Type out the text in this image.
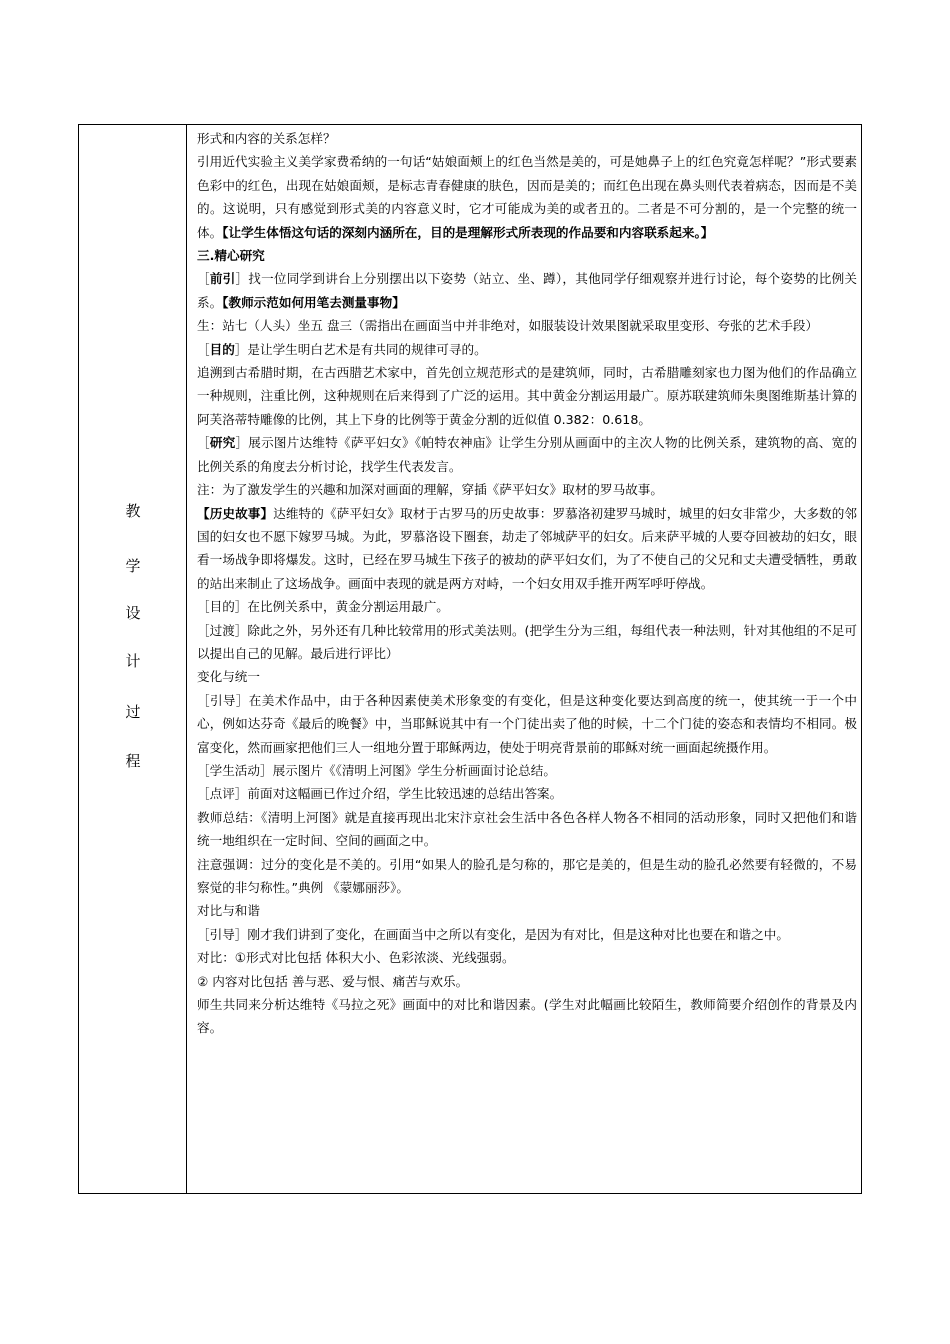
教
学
设
计
过
程

形式和内容的关系怎样？

引用近代实验主义美学家费希纳的一句话“姑娘面颊上的红色当然是美的，可是她鼻子上的红色究竟怎样呢？”形式要素色彩中的红色，出现在姑娘面颊，是标志青春健康的肤色，因而是美的；而红色出现在鼻头则代表着病态，因而是不美的。这说明，只有感觉到形式美的内容意义时，它才可能成为美的或者丑的。二者是不可分割的，是一个完整的统一体。【让学生体悟这句话的深刻内涵所在，目的是理解形式所表现的作品要和内容联系起来。】

三.精心研究

［前引］找一位同学到讲台上分别摆出以下姿势（站立、坐、蹲），其他同学仔细观察并进行讨论，每个姿势的比例关系。【教师示范如何用笔去测量事物】

生：站七（人头）坐五 盘三（需指出在画面当中并非绝对，如服装设计效果图就采取里变形、夸张的艺术手段）

［目的］是让学生明白艺术是有共同的规律可寻的。

追溯到古希腊时期，在古西腊艺术家中，首先创立规范形式的是建筑师，同时，古希腊雕刻家也力图为他们的作品确立一种规则，注重比例，这种规则在后来得到了广泛的运用。其中黄金分割运用最广。原苏联建筑师朱奥图维斯基计算的阿芙洛蒂特雕像的比例，其上下身的比例等于黄金分割的近似值 0.382：0.618。

［研究］展示图片达维特《萨平妇女》《帕特农神庙》让学生分别从画面中的主次人物的比例关系，建筑物的高、宽的比例关系的角度去分析讨论，找学生代表发言。

注：为了激发学生的兴趣和加深对画面的理解，穿插《萨平妇女》取材的罗马故事。

【历史故事】达维特的《萨平妇女》取材于古罗马的历史故事：罗慕洛初建罗马城时，城里的妇女非常少，大多数的邻国的妇女也不愿下嫁罗马城。为此，罗慕洛设下圈套，劫走了邻城萨平的妇女。后来萨平城的人要夺回被劫的妇女，眼看一场战争即将爆发。这时，已经在罗马城生下孩子的被劫的萨平妇女们，为了不使自己的父兄和丈夫遭受牺牲，勇敢的站出来制止了这场战争。画面中表现的就是两方对峙，一个妇女用双手推开两军呼吁停战。

［目的］在比例关系中，黄金分割运用最广。

［过渡］除此之外，另外还有几种比较常用的形式美法则。(把学生分为三组，每组代表一种法则，针对其他组的不足可以提出自己的见解。最后进行评比）

变化与统一

［引导］在美术作品中，由于各种因素使美术形象变的有变化，但是这种变化要达到高度的统一，使其统一于一个中心，例如达芬奇《最后的晚餐》中，当耶稣说其中有一个门徒出卖了他的时候，十二个门徒的姿态和表情均不相同。极富变化，然而画家把他们三人一组地分置于耶稣两边，使处于明亮背景前的耶稣对统一画面起统摄作用。

［学生活动］展示图片《《清明上河图》学生分析画面讨论总结。

［点评］前面对这幅画已作过介绍，学生比较迅速的总结出答案。

教师总结：《清明上河图》就是直接再现出北宋汴京社会生活中各色各样人物各不相同的活动形象，同时又把他们和谐统一地组织在一定时间、空间的画面之中。

注意强调：过分的变化是不美的。引用“如果人的脸孔是匀称的，那它是美的，但是生动的脸孔必然要有轻微的，不易察觉的非匀称性。”典例 《蒙娜丽莎》。

对比与和谐

［引导］刚才我们讲到了变化，在画面当中之所以有变化，是因为有对比，但是这种对比也要在和谐之中。

对比：①形式对比包括 体积大小、色彩浓淡、光线强弱。

② 内容对比包括 善与恶、爱与恨、痛苦与欢乐。

师生共同来分析达维特《马拉之死》画面中的对比和谐因素。(学生对此幅画比较陌生，教师简要介绍创作的背景及内容。
